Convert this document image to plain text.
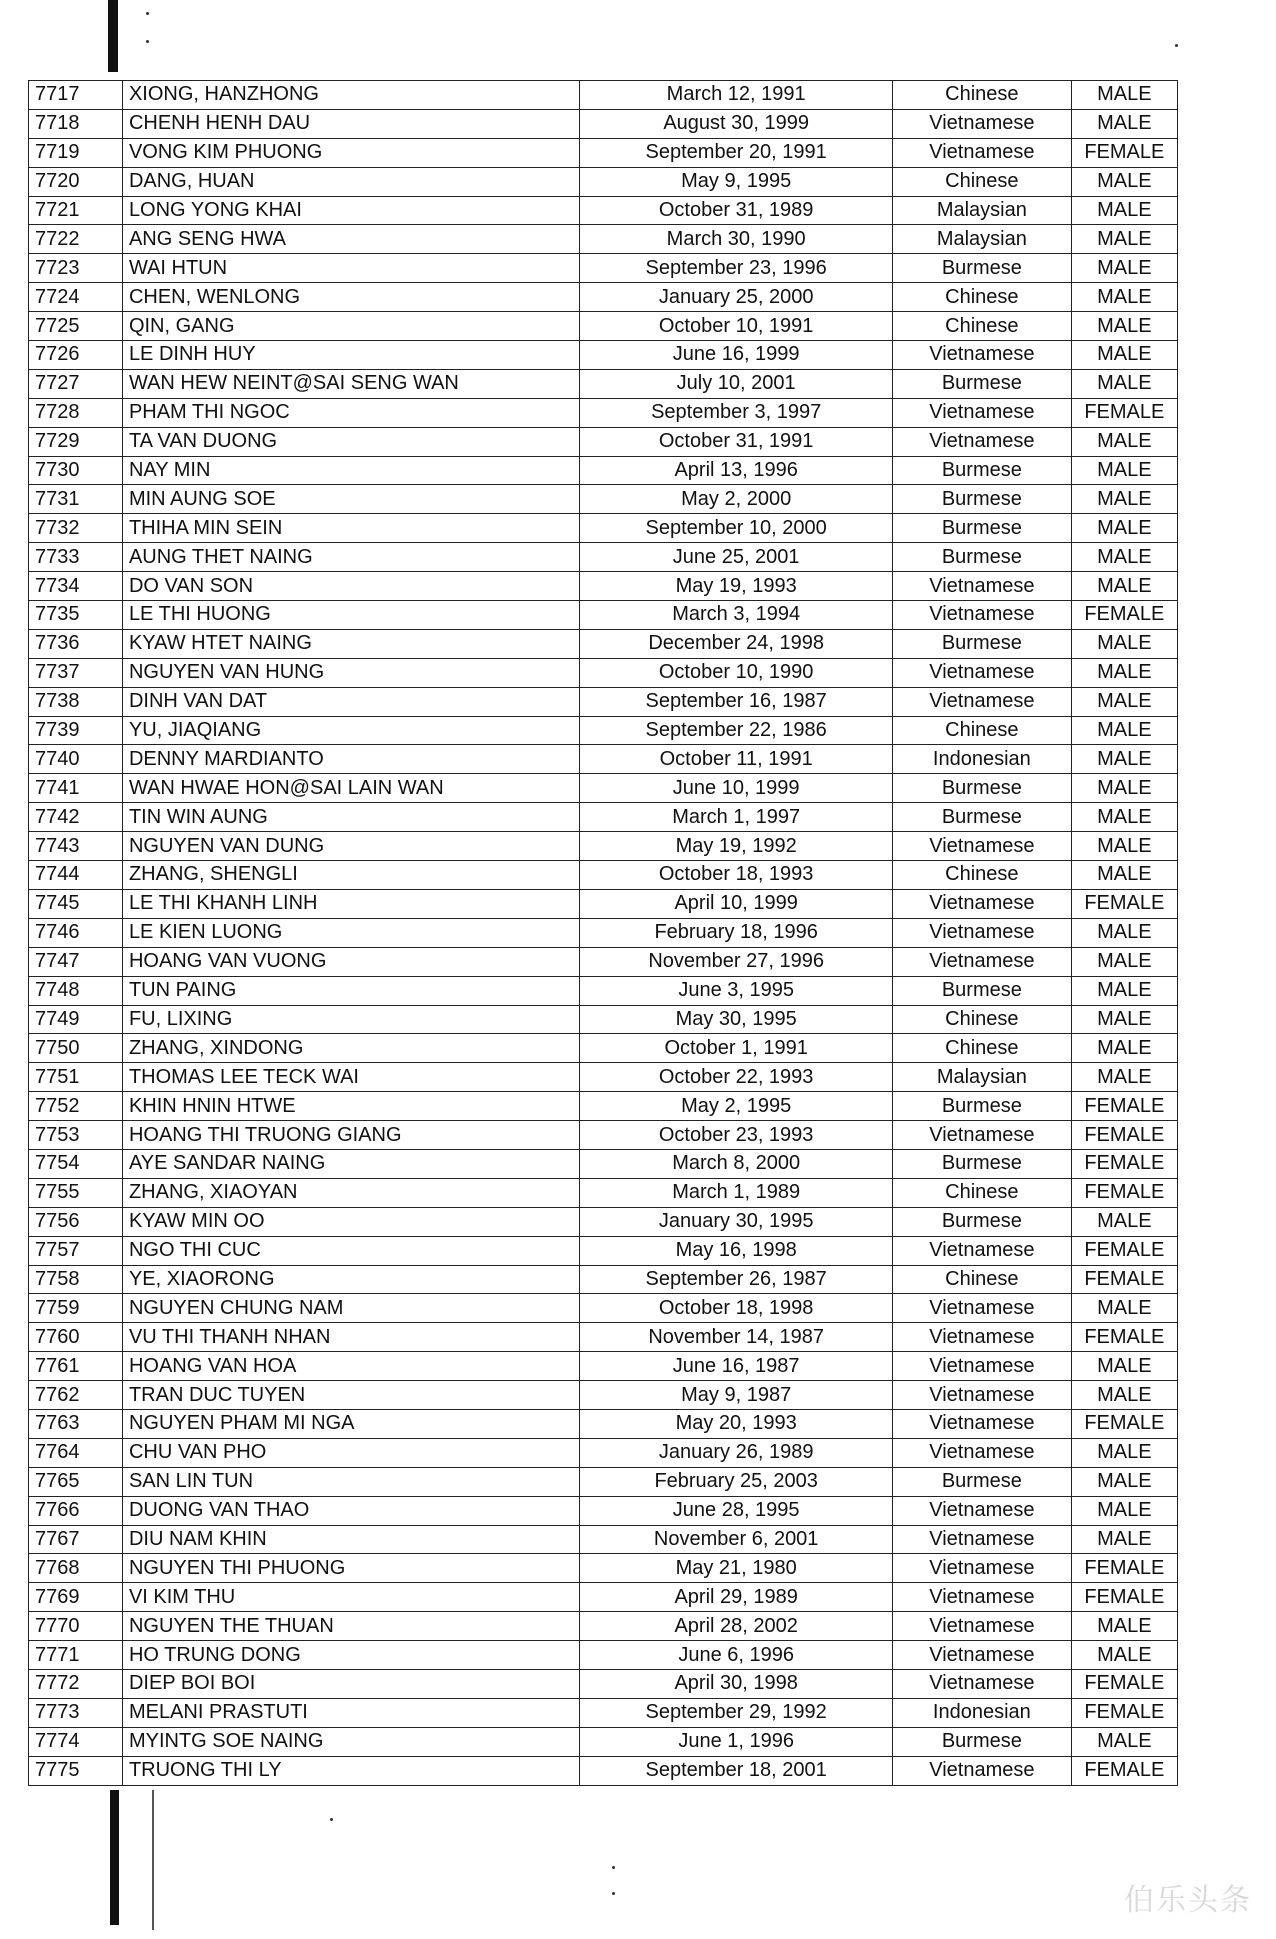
7717	XIONG, HANZHONG	March 12, 1991	Chinese	MALE
7718	CHENH HENH DAU	August 30, 1999	Vietnamese	MALE
7719	VONG KIM PHUONG	September 20, 1991	Vietnamese	FEMALE
7720	DANG, HUAN	May 9, 1995	Chinese	MALE
7721	LONG YONG KHAI	October 31, 1989	Malaysian	MALE
7722	ANG SENG HWA	March 30, 1990	Malaysian	MALE
7723	WAI HTUN	September 23, 1996	Burmese	MALE
7724	CHEN, WENLONG	January 25, 2000	Chinese	MALE
7725	QIN, GANG	October 10, 1991	Chinese	MALE
7726	LE DINH HUY	June 16, 1999	Vietnamese	MALE
7727	WAN HEW NEINT@SAI SENG WAN	July 10, 2001	Burmese	MALE
7728	PHAM THI NGOC	September 3, 1997	Vietnamese	FEMALE
7729	TA VAN DUONG	October 31, 1991	Vietnamese	MALE
7730	NAY MIN	April 13, 1996	Burmese	MALE
7731	MIN AUNG SOE	May 2, 2000	Burmese	MALE
7732	THIHA MIN SEIN	September 10, 2000	Burmese	MALE
7733	AUNG THET NAING	June 25, 2001	Burmese	MALE
7734	DO VAN SON	May 19, 1993	Vietnamese	MALE
7735	LE THI HUONG	March 3, 1994	Vietnamese	FEMALE
7736	KYAW HTET NAING	December 24, 1998	Burmese	MALE
7737	NGUYEN VAN HUNG	October 10, 1990	Vietnamese	MALE
7738	DINH VAN DAT	September 16, 1987	Vietnamese	MALE
7739	YU, JIAQIANG	September 22, 1986	Chinese	MALE
7740	DENNY MARDIANTO	October 11, 1991	Indonesian	MALE
7741	WAN HWAE HON@SAI LAIN WAN	June 10, 1999	Burmese	MALE
7742	TIN WIN AUNG	March 1, 1997	Burmese	MALE
7743	NGUYEN VAN DUNG	May 19, 1992	Vietnamese	MALE
7744	ZHANG, SHENGLI	October 18, 1993	Chinese	MALE
7745	LE THI KHANH LINH	April 10, 1999	Vietnamese	FEMALE
7746	LE KIEN LUONG	February 18, 1996	Vietnamese	MALE
7747	HOANG VAN VUONG	November 27, 1996	Vietnamese	MALE
7748	TUN PAING	June 3, 1995	Burmese	MALE
7749	FU, LIXING	May 30, 1995	Chinese	MALE
7750	ZHANG, XINDONG	October 1, 1991	Chinese	MALE
7751	THOMAS LEE TECK WAI	October 22, 1993	Malaysian	MALE
7752	KHIN HNIN HTWE	May 2, 1995	Burmese	FEMALE
7753	HOANG THI TRUONG GIANG	October 23, 1993	Vietnamese	FEMALE
7754	AYE SANDAR NAING	March 8, 2000	Burmese	FEMALE
7755	ZHANG, XIAOYAN	March 1, 1989	Chinese	FEMALE
7756	KYAW MIN OO	January 30, 1995	Burmese	MALE
7757	NGO THI CUC	May 16, 1998	Vietnamese	FEMALE
7758	YE, XIAORONG	September 26, 1987	Chinese	FEMALE
7759	NGUYEN CHUNG NAM	October 18, 1998	Vietnamese	MALE
7760	VU THI THANH NHAN	November 14, 1987	Vietnamese	FEMALE
7761	HOANG VAN HOA	June 16, 1987	Vietnamese	MALE
7762	TRAN DUC TUYEN	May 9, 1987	Vietnamese	MALE
7763	NGUYEN PHAM MI NGA	May 20, 1993	Vietnamese	FEMALE
7764	CHU VAN PHO	January 26, 1989	Vietnamese	MALE
7765	SAN LIN TUN	February 25, 2003	Burmese	MALE
7766	DUONG VAN THAO	June 28, 1995	Vietnamese	MALE
7767	DIU NAM KHIN	November 6, 2001	Vietnamese	MALE
7768	NGUYEN THI PHUONG	May 21, 1980	Vietnamese	FEMALE
7769	VI KIM THU	April 29, 1989	Vietnamese	FEMALE
7770	NGUYEN THE THUAN	April 28, 2002	Vietnamese	MALE
7771	HO TRUNG DONG	June 6, 1996	Vietnamese	MALE
7772	DIEP BOI BOI	April 30, 1998	Vietnamese	FEMALE
7773	MELANI PRASTUTI	September 29, 1992	Indonesian	FEMALE
7774	MYINTG SOE NAING	June 1, 1996	Burmese	MALE
7775	TRUONG THI LY	September 18, 2001	Vietnamese	FEMALE
伯乐头条
